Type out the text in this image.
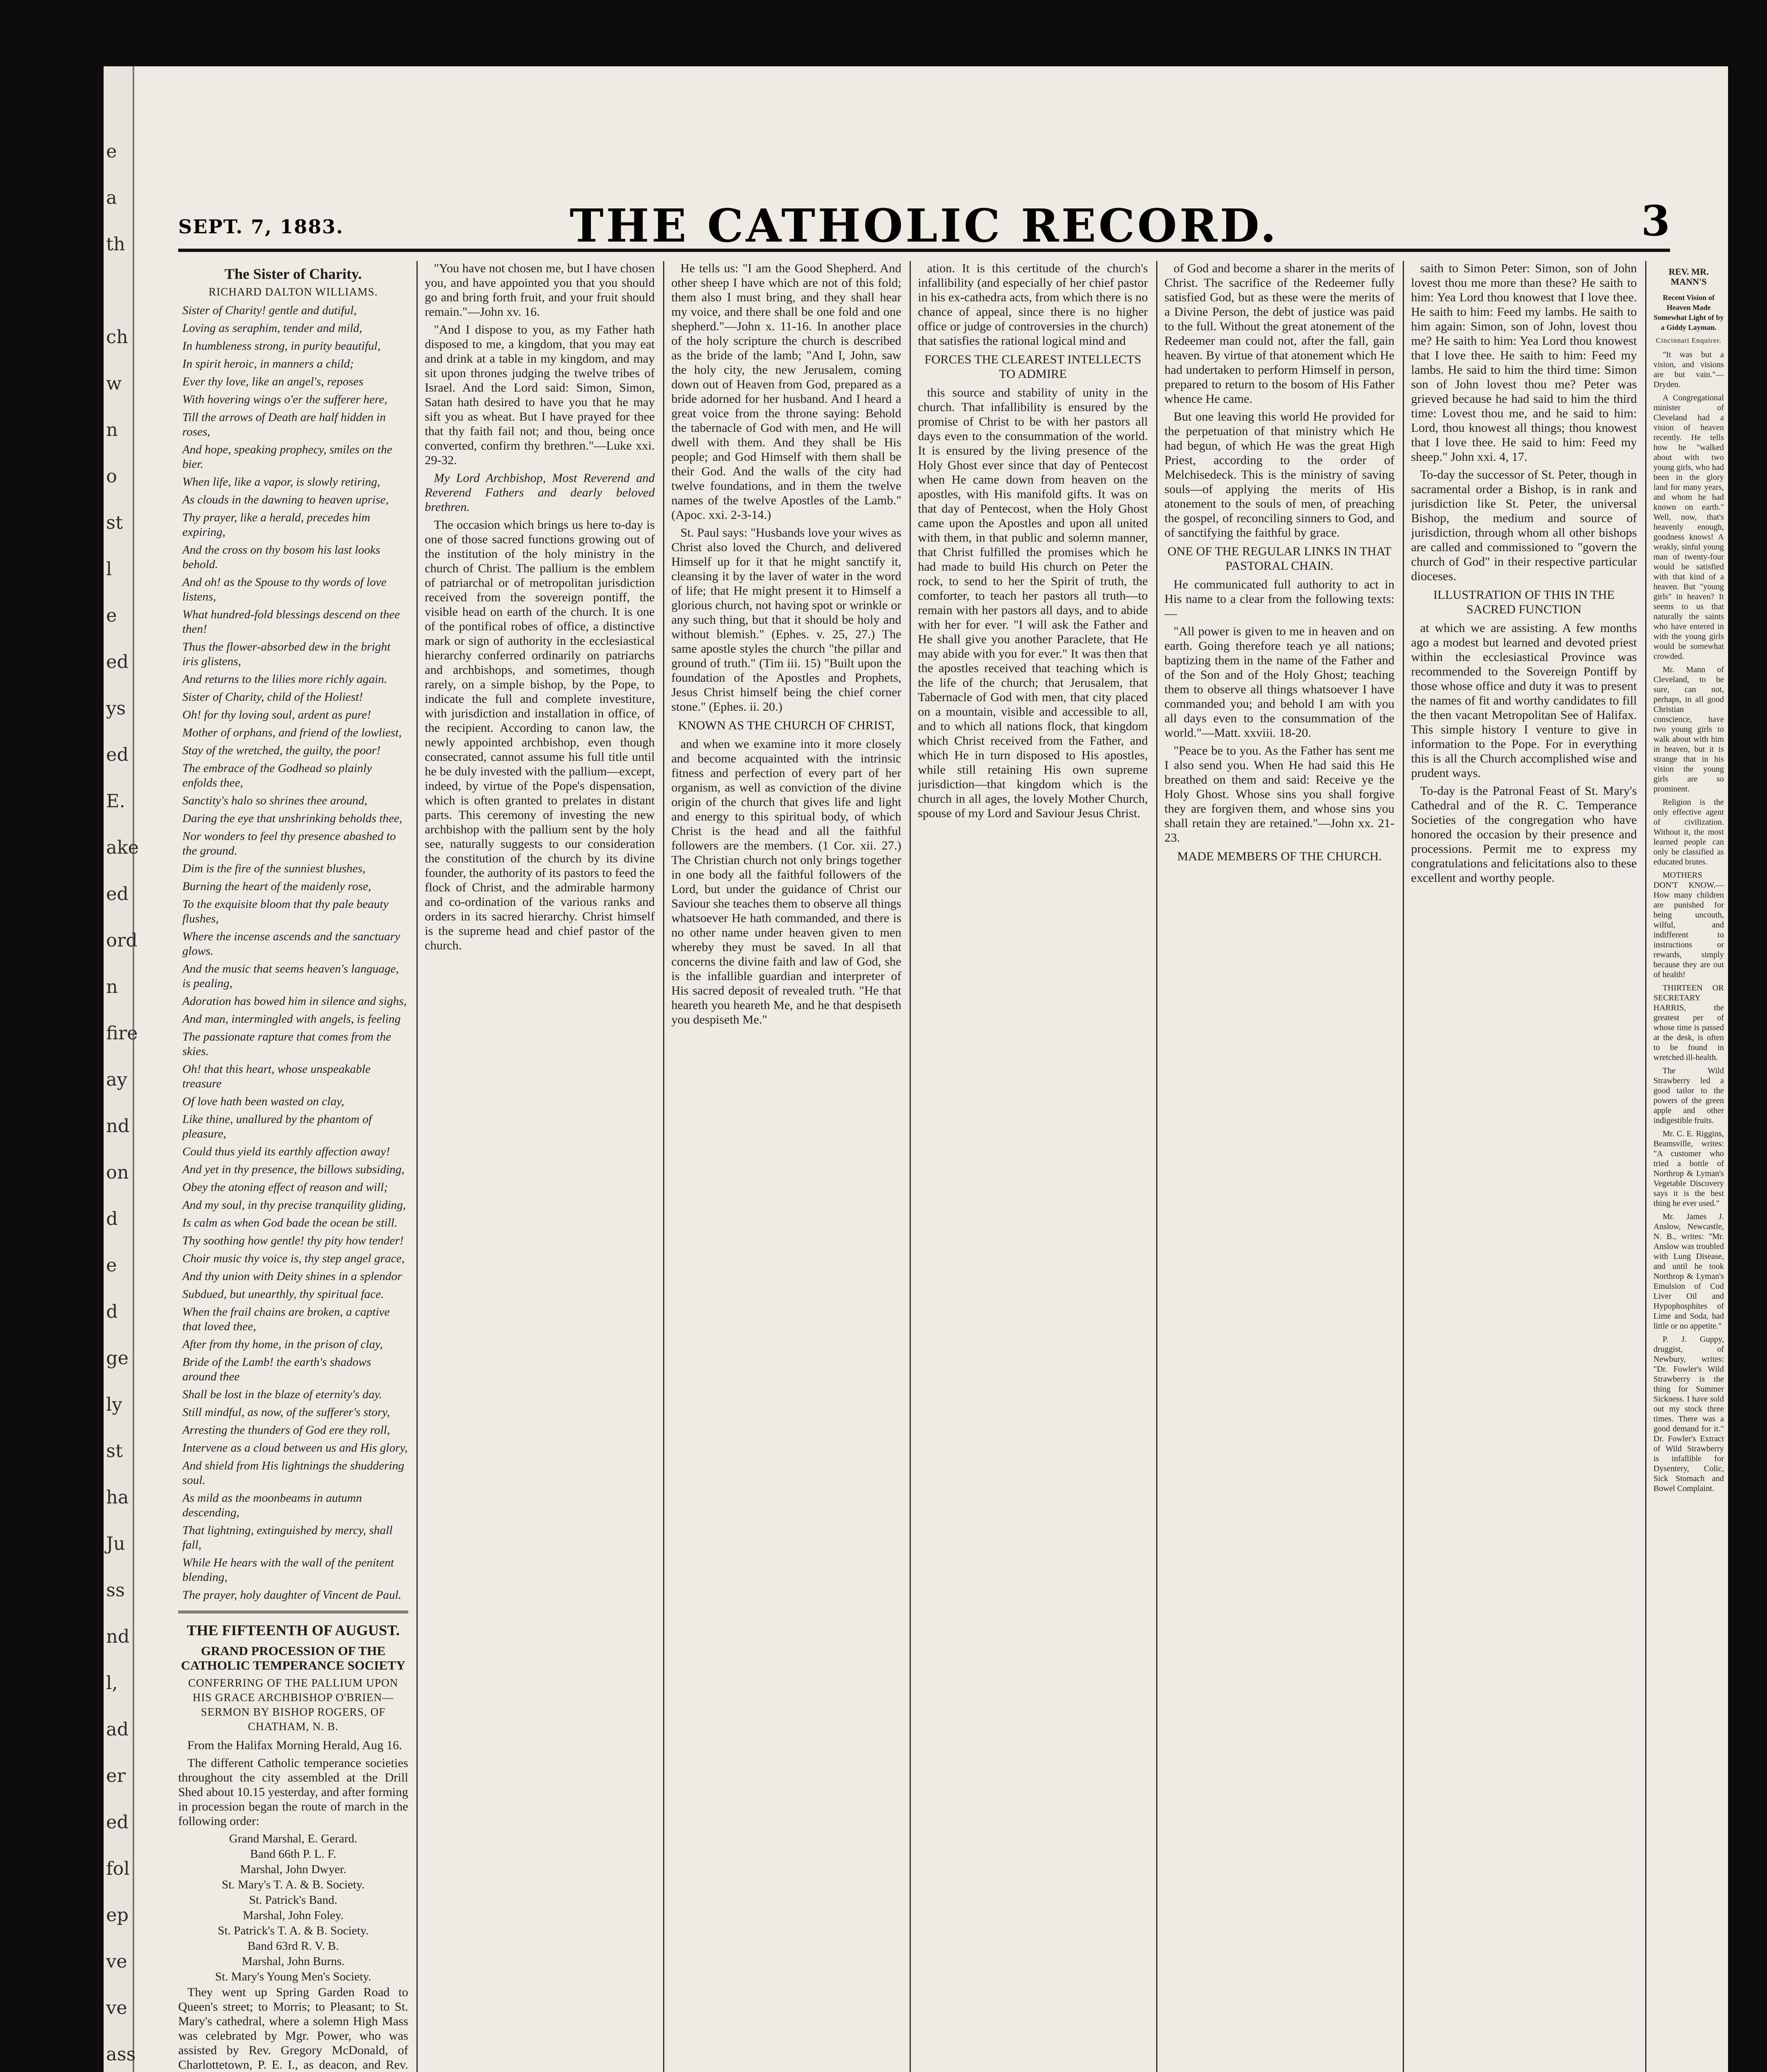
e
a
th
ch
w
n
o
st
l
e
ed
ys
ed
E.
ake
ed
ord
n
fire
ay
nd
on
d
e
d
ge
ly
st
ha
Ju
ss
nd
l,
ad
er
ed
fol
ep
ve
ve
ass
SEPT. 7, 1883.	THE CATHOLIC RECORD.	3

The Sister of Charity.

RICHARD DALTON WILLIAMS.

Sister of Charity! gentle and dutiful,

Loving as seraphim, tender and mild,

In humbleness strong, in purity beautiful,

In spirit heroic, in manners a child;

Ever thy love, like an angel's, reposes

With hovering wings o'er the sufferer here,

Till the arrows of Death are half hidden in roses,

And hope, speaking prophecy, smiles on the bier.

When life, like a vapor, is slowly retiring,

As clouds in the dawning to heaven uprise,

Thy prayer, like a herald, precedes him expiring,

And the cross on thy bosom his last looks behold.

And oh! as the Spouse to thy words of love listens,

What hundred-fold blessings descend on thee then!

Thus the flower-absorbed dew in the bright iris glistens,

And returns to the lilies more richly again.

Sister of Charity, child of the Holiest!

Oh! for thy loving soul, ardent as pure!

Mother of orphans, and friend of the lowliest,

Stay of the wretched, the guilty, the poor!

The embrace of the Godhead so plainly enfolds thee,

Sanctity's halo so shrines thee around,

Daring the eye that unshrinking beholds thee,

Nor wonders to feel thy presence abashed to the ground.

Dim is the fire of the sunniest blushes,

Burning the heart of the maidenly rose,

To the exquisite bloom that thy pale beauty flushes,

Where the incense ascends and the sanctuary glows.

And the music that seems heaven's language, is pealing,

Adoration has bowed him in silence and sighs,

And man, intermingled with angels, is feeling

The passionate rapture that comes from the skies.

Oh! that this heart, whose unspeakable treasure

Of love hath been wasted on clay,

Like thine, unallured by the phantom of pleasure,

Could thus yield its earthly affection away!

And yet in thy presence, the billows subsiding,

Obey the atoning effect of reason and will;

And my soul, in thy precise tranquility gliding,

Is calm as when God bade the ocean be still.

Thy soothing how gentle! thy pity how tender!

Choir music thy voice is, thy step angel grace,

And thy union with Deity shines in a splendor

Subdued, but unearthly, thy spiritual face.

When the frail chains are broken, a captive that loved thee,

After from thy home, in the prison of clay,

Bride of the Lamb! the earth's shadows around thee

Shall be lost in the blaze of eternity's day.

Still mindful, as now, of the sufferer's story,

Arresting the thunders of God ere they roll,

Intervene as a cloud between us and His glory,

And shield from His lightnings the shuddering soul.

As mild as the moonbeams in autumn descending,

That lightning, extinguished by mercy, shall fall,

While He hears with the wall of the penitent blending,

The prayer, holy daughter of Vincent de Paul.

THE FIFTEENTH OF AUGUST.

GRAND PROCESSION OF THE CATHOLIC TEMPERANCE SOCIETY

CONFERRING OF THE PALLIUM UPON HIS GRACE ARCHBISHOP O'BRIEN—SERMON BY BISHOP ROGERS, OF CHATHAM, N. B.

From the Halifax Morning Herald, Aug 16.

The different Catholic temperance societies throughout the city assembled at the Drill Shed about 10.15 yesterday, and after forming in procession began the route of march in the following order:

Grand Marshal, E. Gerard.

Band 66th P. L. F.

Marshal, John Dwyer.

St. Mary's T. A. & B. Society.

St. Patrick's Band.

Marshal, John Foley.

St. Patrick's T. A. & B. Society.

Band 63rd R. V. B.

Marshal, John Burns.

St. Mary's Young Men's Society.

They went up Spring Garden Road to Queen's street; to Morris; to Pleasant; to St. Mary's cathedral, where a solemn High Mass was celebrated by Mgr. Power, who was assisted by Rev. Gregory McDonald, of Charlottetown, P. E. I., as deacon, and Rev.

"You have not chosen me, but I have chosen you, and have appointed you that you should go and bring forth fruit, and your fruit should remain."—John xv. 16.

"And I dispose to you, as my Father hath disposed to me, a kingdom, that you may eat and drink at a table in my kingdom, and may sit upon thrones judging the twelve tribes of Israel. And the Lord said: Simon, Simon, Satan hath desired to have you that he may sift you as wheat. But I have prayed for thee that thy faith fail not; and thou, being once converted, confirm thy brethren."—Luke xxi. 29-32.

My Lord Archbishop, Most Reverend and Reverend Fathers and dearly beloved brethren.

The occasion which brings us here to-day is one of those sacred functions growing out of the institution of the holy ministry in the church of Christ. The pallium is the emblem of patriarchal or of metropolitan jurisdiction received from the sovereign pontiff, the visible head on earth of the church. It is one of the pontifical robes of office, a distinctive mark or sign of authority in the ecclesiastical hierarchy conferred ordinarily on patriarchs and archbishops, and sometimes, though rarely, on a simple bishop, by the Pope, to indicate the full and complete investiture, with jurisdiction and installation in office, of the recipient. According to canon law, the newly appointed archbishop, even though consecrated, cannot assume his full title until he be duly invested with the pallium—except, indeed, by virtue of the Pope's dispensation, which is often granted to prelates in distant parts. This ceremony of investing the new archbishop with the pallium sent by the holy see, naturally suggests to our consideration the constitution of the church by its divine founder, the authority of its pastors to feed the flock of Christ, and the admirable harmony and co-ordination of the various ranks and orders in its sacred hierarchy. Christ himself is the supreme head and chief pastor of the church.

He tells us: "I am the Good Shepherd. And other sheep I have which are not of this fold; them also I must bring, and they shall hear my voice, and there shall be one fold and one shepherd."—John x. 11-16. In another place of the holy scripture the church is described as the bride of the lamb; "And I, John, saw the holy city, the new Jerusalem, coming down out of Heaven from God, prepared as a bride adorned for her husband. And I heard a great voice from the throne saying: Behold the tabernacle of God with men, and He will dwell with them. And they shall be His people; and God Himself with them shall be their God. And the walls of the city had twelve foundations, and in them the twelve names of the twelve Apostles of the Lamb." (Apoc. xxi. 2-3-14.)

St. Paul says: "Husbands love your wives as Christ also loved the Church, and delivered Himself up for it that he might sanctify it, cleansing it by the laver of water in the word of life; that He might present it to Himself a glorious church, not having spot or wrinkle or any such thing, but that it should be holy and without blemish." (Ephes. v. 25, 27.) The same apostle styles the church "the pillar and ground of truth." (Tim iii. 15) "Built upon the foundation of the Apostles and Prophets, Jesus Christ himself being the chief corner stone." (Ephes. ii. 20.)

KNOWN AS THE CHURCH OF CHRIST,

and when we examine into it more closely and become acquainted with the intrinsic fitness and perfection of every part of her organism, as well as conviction of the divine origin of the church that gives life and light and energy to this spiritual body, of which Christ is the head and all the faithful followers are the members. (1 Cor. xii. 27.) The Christian church not only brings together in one body all the faithful followers of the Lord, but under the guidance of Christ our Saviour she teaches them to observe all things whatsoever He hath commanded, and there is no other name under heaven given to men whereby they must be saved. In all that concerns the divine faith and law of God, she is the infallible guardian and interpreter of His sacred deposit of revealed truth. "He that heareth you heareth Me, and he that despiseth you despiseth Me."

ation. It is this certitude of the church's infallibility (and especially of her chief pastor in his ex-cathedra acts, from which there is no chance of appeal, since there is no higher office or judge of controversies in the church) that satisfies the rational logical mind and

FORCES THE CLEAREST INTELLECTS TO ADMIRE

this source and stability of unity in the church. That infallibility is ensured by the promise of Christ to be with her pastors all days even to the consummation of the world. It is ensured by the living presence of the Holy Ghost ever since that day of Pentecost when He came down from heaven on the apostles, with His manifold gifts. It was on that day of Pentecost, when the Holy Ghost came upon the Apostles and upon all united with them, in that public and solemn manner, that Christ fulfilled the promises which he had made to build His church on Peter the rock, to send to her the Spirit of truth, the comforter, to teach her pastors all truth—to remain with her pastors all days, and to abide with her for ever. "I will ask the Father and He shall give you another Paraclete, that He may abide with you for ever." It was then that the apostles received that teaching which is the life of the church; that Jerusalem, that Tabernacle of God with men, that city placed on a mountain, visible and accessible to all, and to which all nations flock, that kingdom which Christ received from the Father, and which He in turn disposed to His apostles, while still retaining His own supreme jurisdiction—that kingdom which is the church in all ages, the lovely Mother Church, spouse of my Lord and Saviour Jesus Christ.

of God and become a sharer in the merits of Christ. The sacrifice of the Redeemer fully satisfied God, but as these were the merits of a Divine Person, the debt of justice was paid to the full. Without the great atonement of the Redeemer man could not, after the fall, gain heaven. By virtue of that atonement which He had undertaken to perform Himself in person, prepared to return to the bosom of His Father whence He came.

But one leaving this world He provided for the perpetuation of that ministry which He had begun, of which He was the great High Priest, according to the order of Melchisedeck. This is the ministry of saving souls—of applying the merits of His atonement to the souls of men, of preaching the gospel, of reconciling sinners to God, and of sanctifying the faithful by grace.

ONE OF THE REGULAR LINKS IN THAT PASTORAL CHAIN.

He communicated full authority to act in His name to a clear from the following texts:—

"All power is given to me in heaven and on earth. Going therefore teach ye all nations; baptizing them in the name of the Father and of the Son and of the Holy Ghost; teaching them to observe all things whatsoever I have commanded you; and behold I am with you all days even to the consummation of the world."—Matt. xxviii. 18-20.

"Peace be to you. As the Father has sent me I also send you. When He had said this He breathed on them and said: Receive ye the Holy Ghost. Whose sins you shall forgive they are forgiven them, and whose sins you shall retain they are retained."—John xx. 21-23.

MADE MEMBERS OF THE CHURCH.

saith to Simon Peter: Simon, son of John lovest thou me more than these? He saith to him: Yea Lord thou knowest that I love thee. He saith to him: Feed my lambs. He saith to him again: Simon, son of John, lovest thou me? He saith to him: Yea Lord thou knowest that I love thee. He saith to him: Feed my lambs. He said to him the third time: Simon son of John lovest thou me? Peter was grieved because he had said to him the third time: Lovest thou me, and he said to him: Lord, thou knowest all things; thou knowest that I love thee. He said to him: Feed my sheep." John xxi. 4, 17.

To-day the successor of St. Peter, though in sacramental order a Bishop, is in rank and jurisdiction like St. Peter, the universal Bishop, the medium and source of jurisdiction, through whom all other bishops are called and commissioned to "govern the church of God" in their respective particular dioceses.

ILLUSTRATION OF THIS IN THE SACRED FUNCTION

at which we are assisting. A few months ago a modest but learned and devoted priest within the ecclesiastical Province was recommended to the Sovereign Pontiff by those whose office and duty it was to present the names of fit and worthy candidates to fill the then vacant Metropolitan See of Halifax. This simple history I venture to give in information to the Pope. For in everything this is all the Church accomplished wise and prudent ways.

To-day is the Patronal Feast of St. Mary's Cathedral and of the R. C. Temperance Societies of the congregation who have honored the occasion by their presence and processions. Permit me to express my congratulations and felicitations also to these excellent and worthy people.

REV. MR. MANN'S

Recent Vision of Heaven Made Somewhat Light of by a Giddy Layman.

Cincinnati Enquirer.

"It was but a vision, and visions are but vain."—Dryden.

A Congregational minister of Cleveland had a vision of heaven recently. He tells how he "walked about with two young girls, who had been in the glory land for many years, and whom he had known on earth." Well, now, that's heavenly enough, goodness knows! A weakly, sinful young man of twenty-four would be satisfied with that kind of a heaven. But "young girls" in heaven? It seems to us that naturally the saints who have entered in with the young girls would be somewhat crowded.

Mr. Mann of Cleveland, to be sure, can not, perhaps, in all good Christian conscience, have two young girls to walk about with him in heaven, but it is strange that in his vision the young girls are so prominent.

Religion is the only effective agent of civilization. Without it, the most learned people can only be classified as educated brutes.

MOTHERS DON'T KNOW.—How many children are punished for being uncouth, wilful, and indifferent to instructions or rewards, simply because they are out of health!

THIRTEEN OR SECRETARY HARRIS, the greatest per of whose time is passed at the desk, is often to be found in wretched ill-health.

The Wild Strawberry led a good tailor to the powers of the green apple and other indigestible fruits.

Mr. C. E. Riggins, Beamsville, writes: "A customer who tried a bottle of Northrop & Lyman's Vegetable Discovery says it is the best thing he ever used."

Mr. James J. Anslow, Newcastle, N. B., writes: "Mr. Anslow was troubled with Lung Disease, and until he took Northrop & Lyman's Emulsion of Cod Liver Oil and Hypophosphites of Lime and Soda, had little or no appetite."

P. J. Guppy, druggist, of Newbury, writes: "Dr. Fowler's Wild Strawberry is the thing for Summer Sickness. I have sold out my stock three times. There was a good demand for it." Dr. Fowler's Extract of Wild Strawberry is infallible for Dysentery, Colic, Sick Stomach and Bowel Complaint.
